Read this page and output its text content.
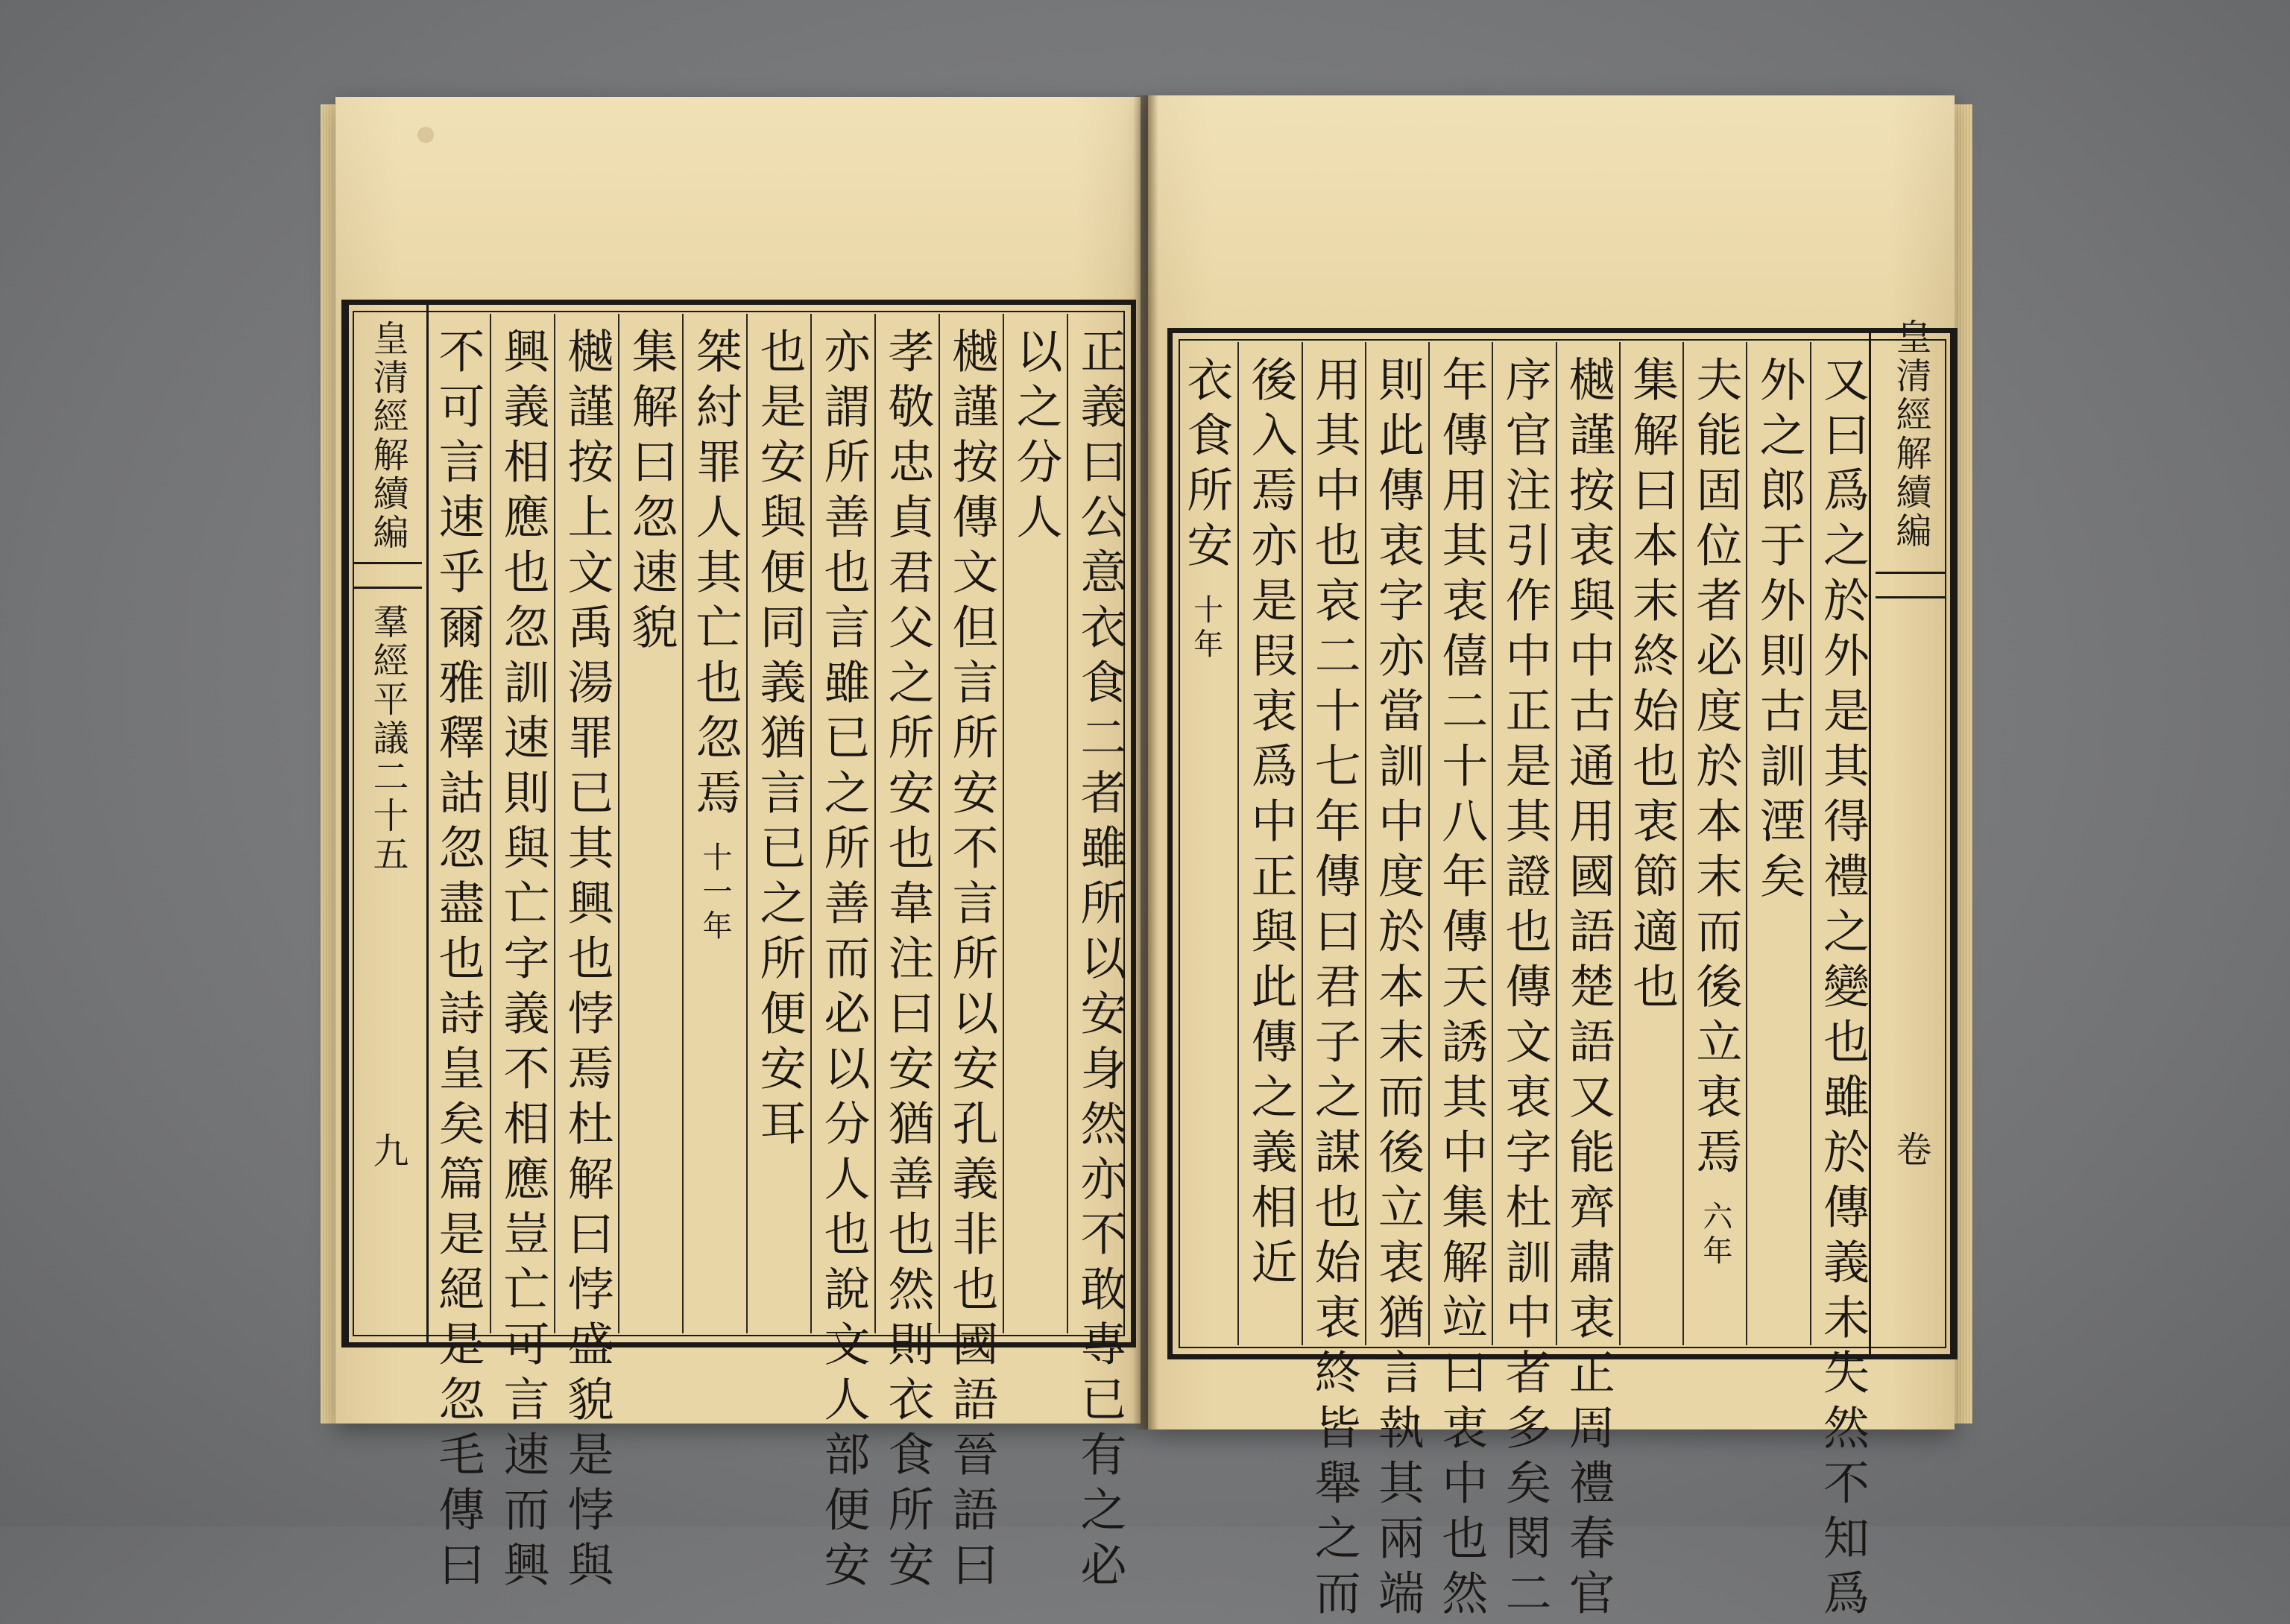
皇清經解續編
羣經平議二十五
九	正義曰公意衣食二者雖所以安身然亦不敢專已有之必
以之分人
樾謹按傳文但言所安不言所以安孔義非也國語晉語曰
孝敬忠貞君父之所安也韋注曰安猶善也然則衣食所安
亦謂所善也言雖已之所善而必以分人也說文人部便安
也是安與便同義猶言已之所便安耳
桀紂罪人其亡也忽焉十一年
集解曰忽速貌
樾謹按上文禹湯罪已其興也悖焉杜解曰悖盛貌是悖與
興義相應也忽訓速則與亡字義不相應豈亡可言速而興
不可言速乎爾雅釋詁忽盡也詩皇矣篇是絕是忽毛傳曰	皇清經解續編
卷
又曰爲之於外是其得禮之變也雖於傳義未失然不知爲
外之郎于外則古訓湮矣
夫能固位者必度於本末而後立衷焉六年
集解曰本末終始也衷節適也
樾謹按衷與中古通用國語楚語又能齊肅衷正周禮春官
序官注引作中正是其證也傳文衷字杜訓中者多矣閔二
年傳用其衷僖二十八年傳天誘其中集解竝曰衷中也然
則此傳衷字亦當訓中度於本末而後立衷猶言執其兩端
用其中也哀二十七年傳曰君子之謀也始衷終皆舉之而
後入焉亦是叚衷爲中正與此傳之義相近
衣食所安十年
